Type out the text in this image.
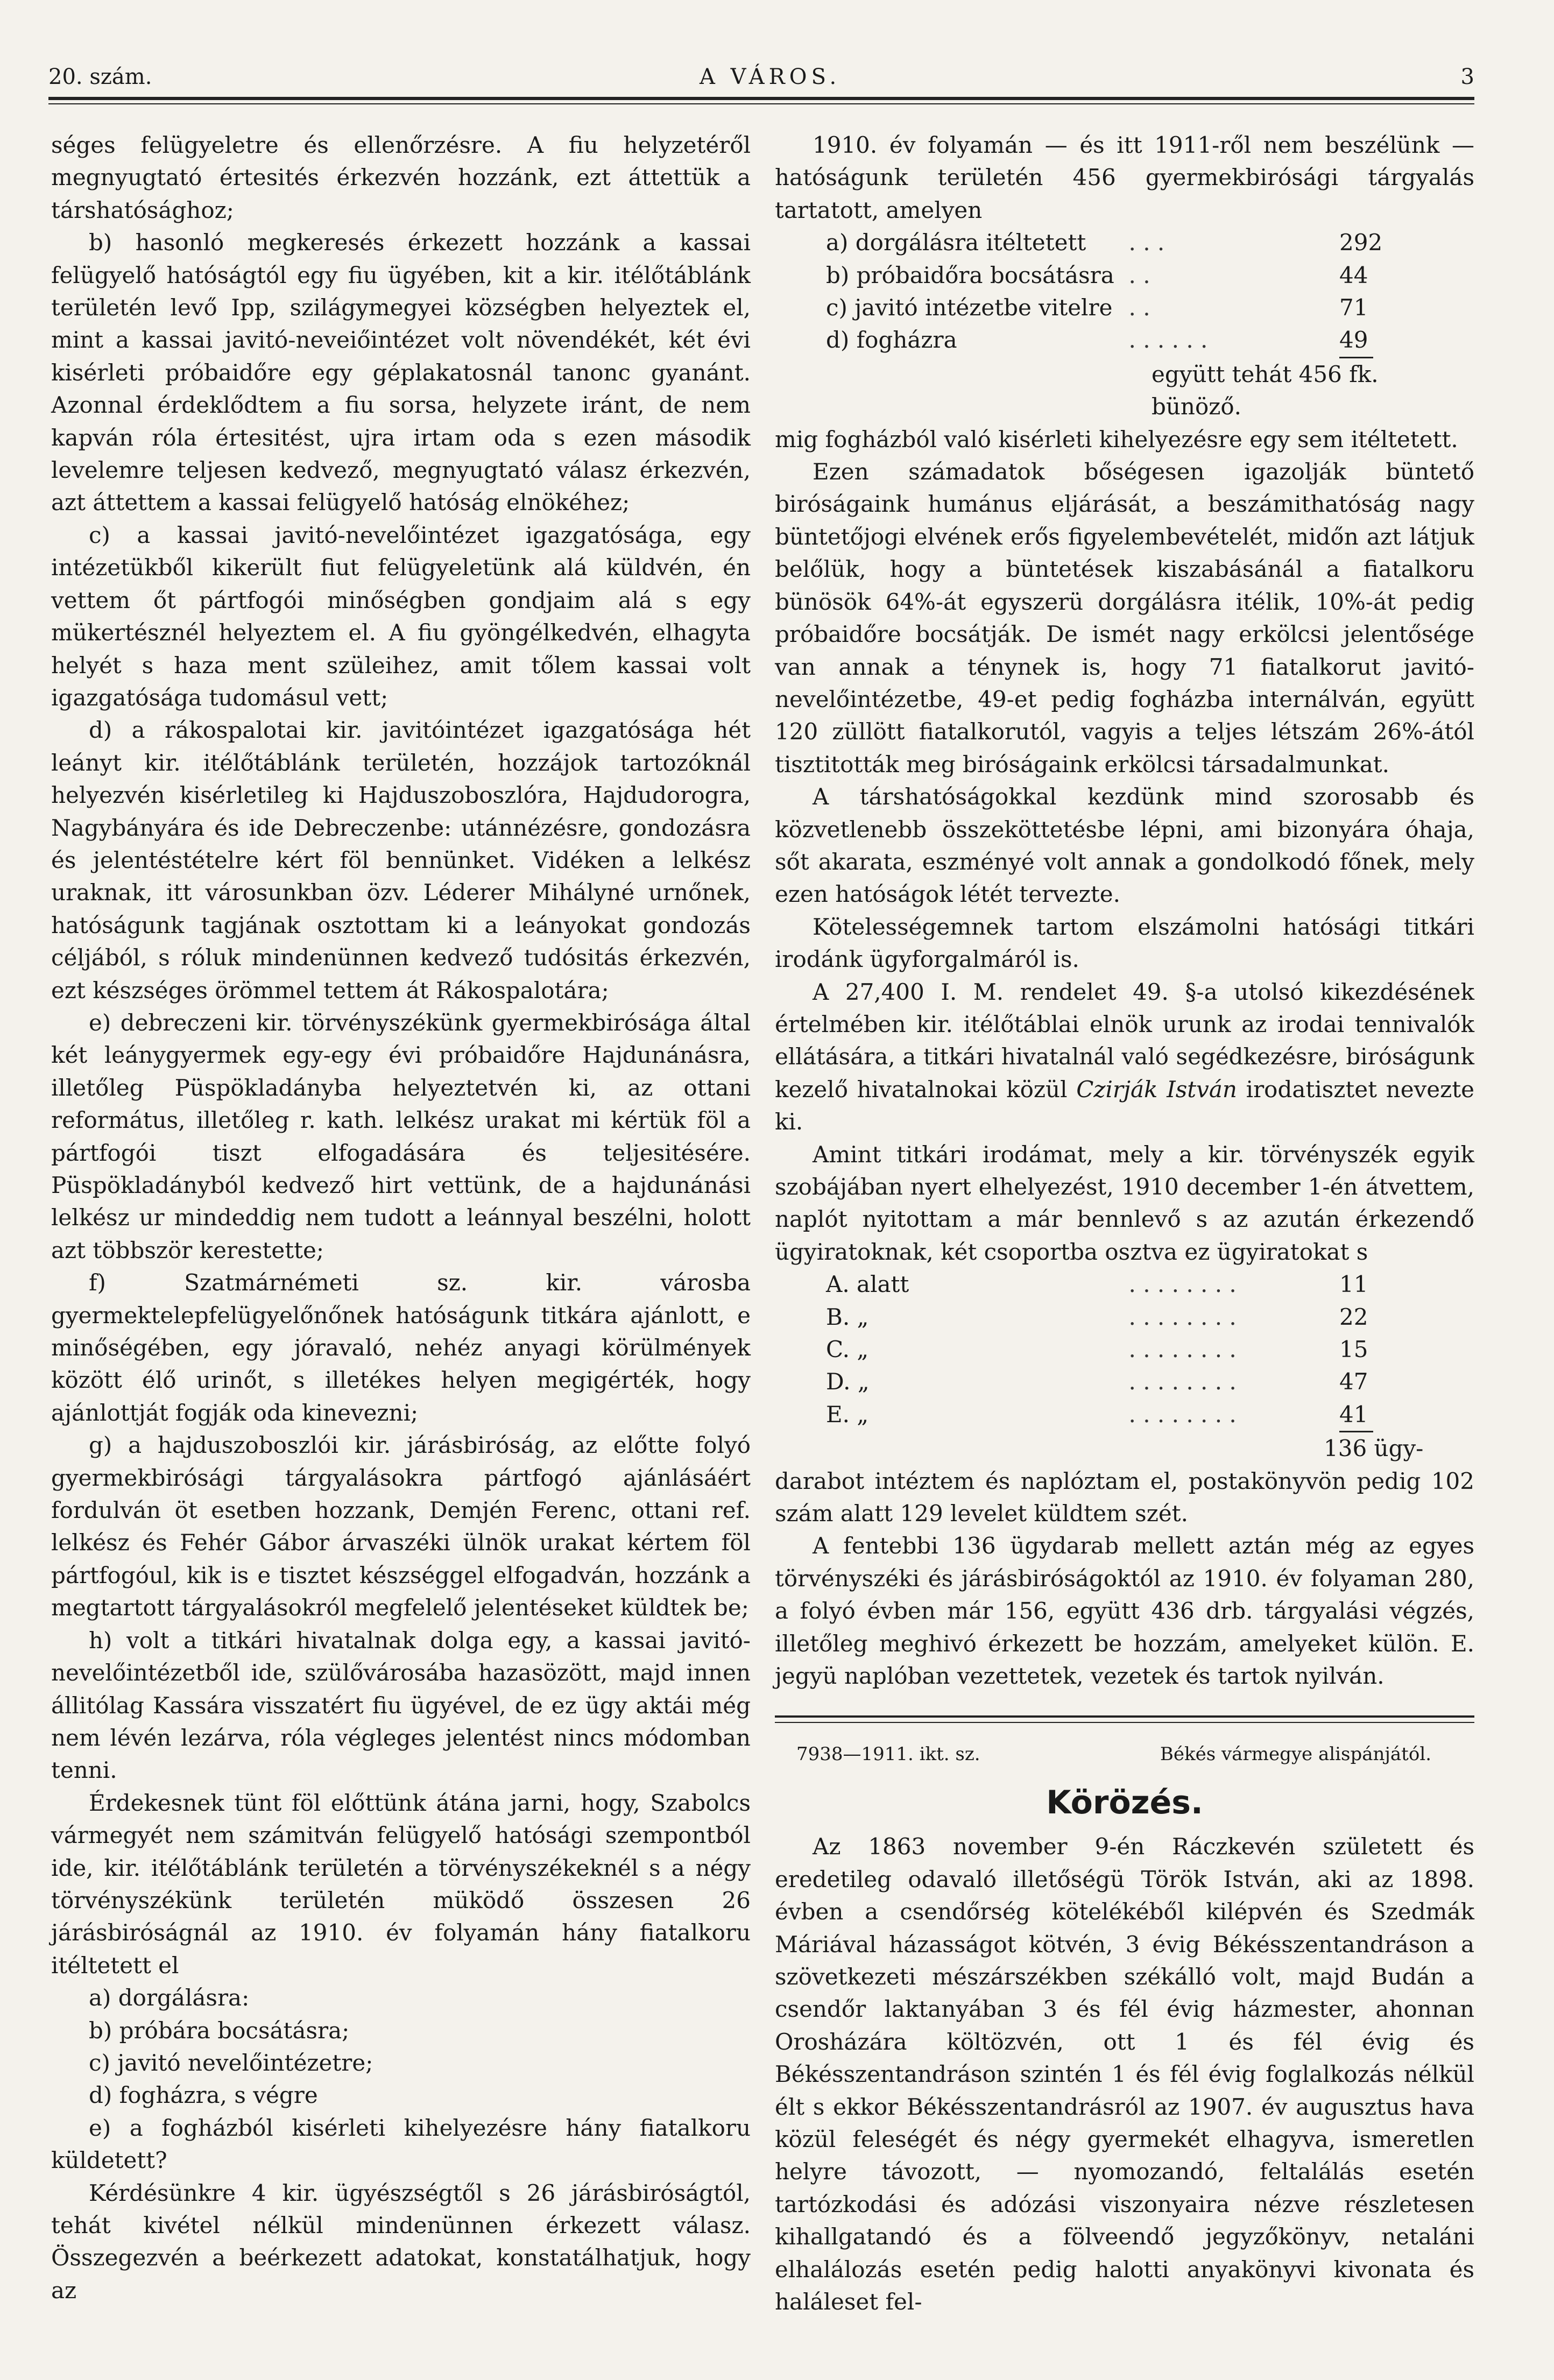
20. szám.	A VÁROS.	3

séges felügyeletre és ellenőrzésre. A fiu helyzetéről megnyugtató értesités érkezvén hozzánk, ezt áttettük a társhatósághoz;

b) hasonló megkeresés érkezett hozzánk a kassai felügyelő hatóságtól egy fiu ügyében, kit a kir. itélőtáblánk területén levő Ipp, szilágymegyei községben helyeztek el, mint a kassai javitó-neveiőintézet volt növendékét, két évi kisérleti próbaidőre egy géplakatosnál tanonc gyanánt. Azonnal érdeklődtem a fiu sorsa, helyzete iránt, de nem kapván róla értesitést, ujra irtam oda s ezen második levelemre teljesen kedvező, megnyugtató válasz érkezvén, azt áttettem a kassai felügyelő hatóság elnökéhez;

c) a kassai javitó-nevelőintézet igazgatósága, egy intézetükből kikerült fiut felügyeletünk alá küldvén, én vettem őt pártfogói minőségben gondjaim alá s egy mükertésznél helyeztem el. A fiu gyöngélkedvén, elhagyta helyét s haza ment szüleihez, amit tőlem kassai volt igazgatósága tudomásul vett;

d) a rákospalotai kir. javitóintézet igazgatósága hét leányt kir. itélőtáblánk területén, hozzájok tartozóknál helyezvén kisérletileg ki Hajduszoboszlóra, Hajdudorogra, Nagybányára és ide Debreczenbe: utánnézésre, gondozásra és jelentéstételre kért föl bennünket. Vidéken a lelkész uraknak, itt városunkban özv. Léderer Mihályné urnőnek, hatóságunk tagjának osztottam ki a leányokat gondozás céljából, s róluk mindenünnen kedvező tudósitás érkezvén, ezt készséges örömmel tettem át Rákospalotára;

e) debreczeni kir. törvényszékünk gyermekbirósága által két leánygyermek egy-egy évi próbaidőre Hajdunánásra, illetőleg Püspökladányba helyeztetvén ki, az ottani református, illetőleg r. kath. lelkész urakat mi kértük föl a pártfogói tiszt elfogadására és teljesitésére. Püspökladányból kedvező hirt vettünk, de a hajdunánási lelkész ur mindeddig nem tudott a leánnyal beszélni, holott azt többször kerestette;

f) Szatmárnémeti sz. kir. városba gyermektelepfelügyelőnőnek hatóságunk titkára ajánlott, e minőségében, egy jóravaló, nehéz anyagi körülmények között élő urinőt, s illetékes helyen megigérték, hogy ajánlottját fogják oda kinevezni;

g) a hajduszoboszlói kir. járásbiróság, az előtte folyó gyermekbirósági tárgyalásokra pártfogó ajánlásáért fordulván öt esetben hozzank, Demjén Ferenc, ottani ref. lelkész és Fehér Gábor árvaszéki ülnök urakat kértem föl pártfogóul, kik is e tisztet készséggel elfogadván, hozzánk a megtartott tárgyalásokról megfelelő jelentéseket küldtek be;

h) volt a titkári hivatalnak dolga egy, a kassai javitó-nevelőintézetből ide, szülővárosába hazasözött, majd innen állitólag Kassára visszatért fiu ügyével, de ez ügy aktái még nem lévén lezárva, róla végleges jelentést nincs módomban tenni.

Érdekesnek tünt föl előttünk átána jarni, hogy, Szabolcs vármegyét nem számitván felügyelő hatósági szempontból ide, kir. itélőtáblánk területén a törvényszékeknél s a négy törvényszékünk területén müködő összesen 26 járásbiróságnál az 1910. év folyamán hány fiatalkoru itéltetett el

a) dorgálásra:

b) próbára bocsátásra;

c) javitó nevelőintézetre;

d) fogházra, s végre

e) a fogházból kisérleti kihelyezésre hány fiatalkoru küldetett?

Kérdésünkre 4 kir. ügyészségtől s 26 járásbiróságtól, tehát kivétel nélkül mindenünnen érkezett válasz. Összegezvén a beérkezett adatokat, konstatálhatjuk, hogy az

1910. év folyamán — és itt 1911-ről nem beszélünk — hatóságunk területén 456 gyermekbirósági tárgyalás tartatott, amelyen

a) dorgálásra itéltetett	. . .	292
b) próbaidőra bocsátásra	. .	44
c) javitó intézetbe vitelre	. .	71
d) fogházra	. . . . . .	49

együtt tehát 456 fk. bünöző.

mig fogházból való kisérleti kihelyezésre egy sem itéltetett.

Ezen számadatok bőségesen igazolják büntető biróságaink humánus eljárását, a beszámithatóság nagy büntetőjogi elvének erős figyelembevételét, midőn azt látjuk belőlük, hogy a büntetések kiszabásánál a fiatalkoru bünösök 64%-át egyszerü dorgálásra itélik, 10%-át pedig próbaidőre bocsátják. De ismét nagy erkölcsi jelentősége van annak a ténynek is, hogy 71 fiatalkorut javitó-nevelőintézetbe, 49-et pedig fogházba internálván, együtt 120 züllött fiatalkorutól, vagyis a teljes létszám 26%-ától tisztitották meg biróságaink erkölcsi társadalmunkat.

A társhatóságokkal kezdünk mind szorosabb és közvetlenebb összeköttetésbe lépni, ami bizonyára óhaja, sőt akarata, eszményé volt annak a gondolkodó főnek, mely ezen hatóságok létét tervezte.

Kötelességemnek tartom elszámolni hatósági titkári irodánk ügyforgalmáról is.

A 27,400 I. M. rendelet 49. §-a utolsó kikezdésének értelmében kir. itélőtáblai elnök urunk az irodai tennivalók ellátására, a titkári hivatalnál való segédkezésre, biróságunk kezelő hivatalnokai közül Czirják István irodatisztet nevezte ki.

Amint titkári irodámat, mely a kir. törvényszék egyik szobájában nyert elhelyezést, 1910 december 1-én átvettem, naplót nyitottam a már bennlevő s az azután érkezendő ügyiratoknak, két csoportba osztva ez ügyiratokat s

A. alatt	. . . . . . . .	11
B. „	. . . . . . . .	22
C. „	. . . . . . . .	15
D. „	. . . . . . . .	47
E. „	. . . . . . . .	41

136 ügy-

darabot intéztem és naplóztam el, postakönyvön pedig 102 szám alatt 129 levelet küldtem szét.

A fentebbi 136 ügydarab mellett aztán még az egyes törvényszéki és járásbiróságoktól az 1910. év folyaman 280, a folyó évben már 156, együtt 436 drb. tárgyalási végzés, illetőleg meghivó érkezett be hozzám, amelyeket külön. E. jegyü naplóban vezettetek, vezetek és tartok nyilván.

7938—1911. ikt. sz.	Békés vármegye alispánjától.
Körözés.

Az 1863 november 9-én Ráczkevén született és eredetileg odavaló illetőségü Török István, aki az 1898. évben a csendőrség kötelékéből kilépvén és Szedmák Máriával házasságot kötvén, 3 évig Békésszentandráson a szövetkezeti mészárszékben székálló volt, majd Budán a csendőr laktanyában 3 és fél évig házmester, ahonnan Orosházára költözvén, ott 1 és fél évig és Békésszentandráson szintén 1 és fél évig foglalkozás nélkül élt s ekkor Békésszentandrásról az 1907. év augusztus hava közül feleségét és négy gyermekét elhagyva, ismeretlen helyre távozott, — nyomozandó, feltalálás esetén tartózkodási és adózási viszonyaira nézve részletesen kihallgatandó és a fölveendő jegyzőkönyv, netaláni elhalálozás esetén pedig halotti anyakönyvi kivonata és haláleset fel-
